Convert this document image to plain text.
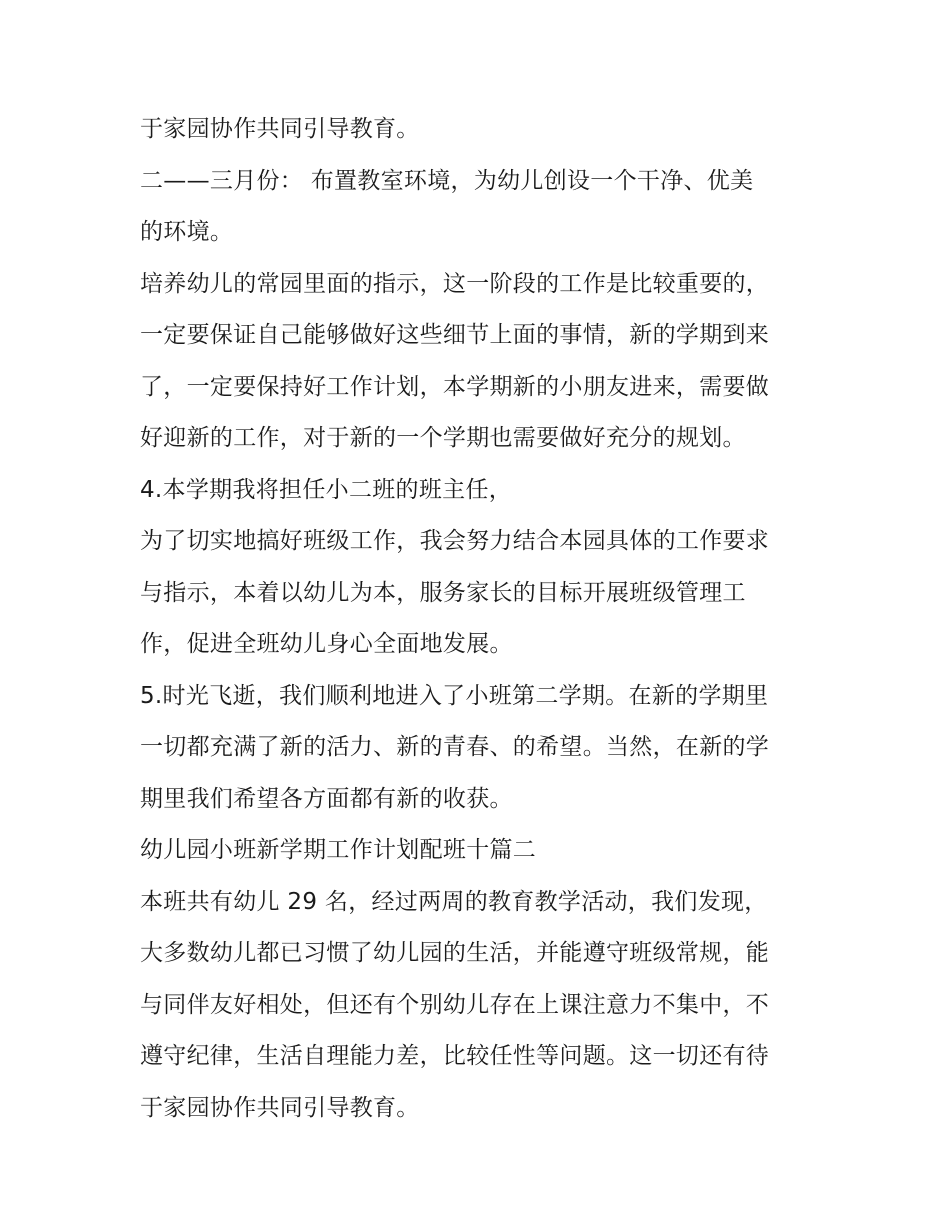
于家园协作共同引导教育。
二——三月份： 布置教室环境，为幼儿创设一个干净、优美
的环境。
培养幼儿的常园里面的指示，这一阶段的工作是比较重要的，
一定要保证自己能够做好这些细节上面的事情，新的学期到来
了，一定要保持好工作计划，本学期新的小朋友进来，需要做
好迎新的工作，对于新的一个学期也需要做好充分的规划。
4.本学期我将担任小二班的班主任，
为了切实地搞好班级工作，我会努力结合本园具体的工作要求
与指示，本着以幼儿为本，服务家长的目标开展班级管理工
作，促进全班幼儿身心全面地发展。
5.时光飞逝，我们顺利地进入了小班第二学期。在新的学期里
一切都充满了新的活力、新的青春、的希望。当然，在新的学
期里我们希望各方面都有新的收获。
幼儿园小班新学期工作计划配班十篇二
本班共有幼儿 29 名，经过两周的教育教学活动，我们发现，
大多数幼儿都已习惯了幼儿园的生活，并能遵守班级常规，能
与同伴友好相处，但还有个别幼儿存在上课注意力不集中，不
遵守纪律，生活自理能力差，比较任性等问题。这一切还有待
于家园协作共同引导教育。
